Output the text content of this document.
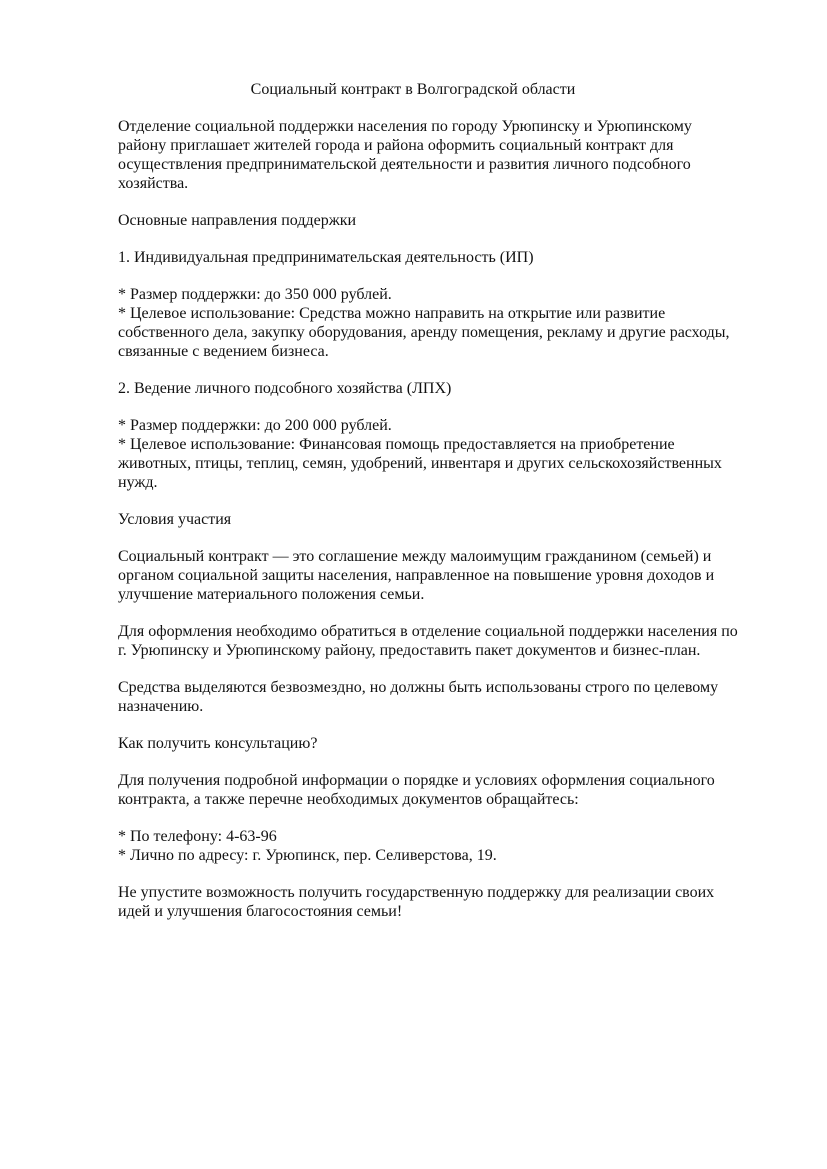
Социальный контракт в Волгоградской области

Отделение социальной поддержки населения по городу Урюпинску и Урюпинскому
району приглашает жителей города и района оформить социальный контракт для
осуществления предпринимательской деятельности и развития личного подсобного
хозяйства.

Основные направления поддержки

1. Индивидуальная предпринимательская деятельность (ИП)

* Размер поддержки: до 350 000 рублей.
* Целевое использование: Средства можно направить на открытие или развитие
собственного дела, закупку оборудования, аренду помещения, рекламу и другие расходы,
связанные с ведением бизнеса.

2. Ведение личного подсобного хозяйства (ЛПХ)

* Размер поддержки: до 200 000 рублей.
* Целевое использование: Финансовая помощь предоставляется на приобретение
животных, птицы, теплиц, семян, удобрений, инвентаря и других сельскохозяйственных
нужд.

Условия участия

Социальный контракт — это соглашение между малоимущим гражданином (семьей) и
органом социальной защиты населения, направленное на повышение уровня доходов и
улучшение материального положения семьи.

Для оформления необходимо обратиться в отделение социальной поддержки населения по
г. Урюпинску и Урюпинскому району, предоставить пакет документов и бизнес-план.

Средства выделяются безвозмездно, но должны быть использованы строго по целевому
назначению.

Как получить консультацию?

Для получения подробной информации о порядке и условиях оформления социального
контракта, а также перечне необходимых документов обращайтесь:

* По телефону: 4-63-96
* Лично по адресу: г. Урюпинск, пер. Селиверстова, 19.

Не упустите возможность получить государственную поддержку для реализации своих
идей и улучшения благосостояния семьи!
